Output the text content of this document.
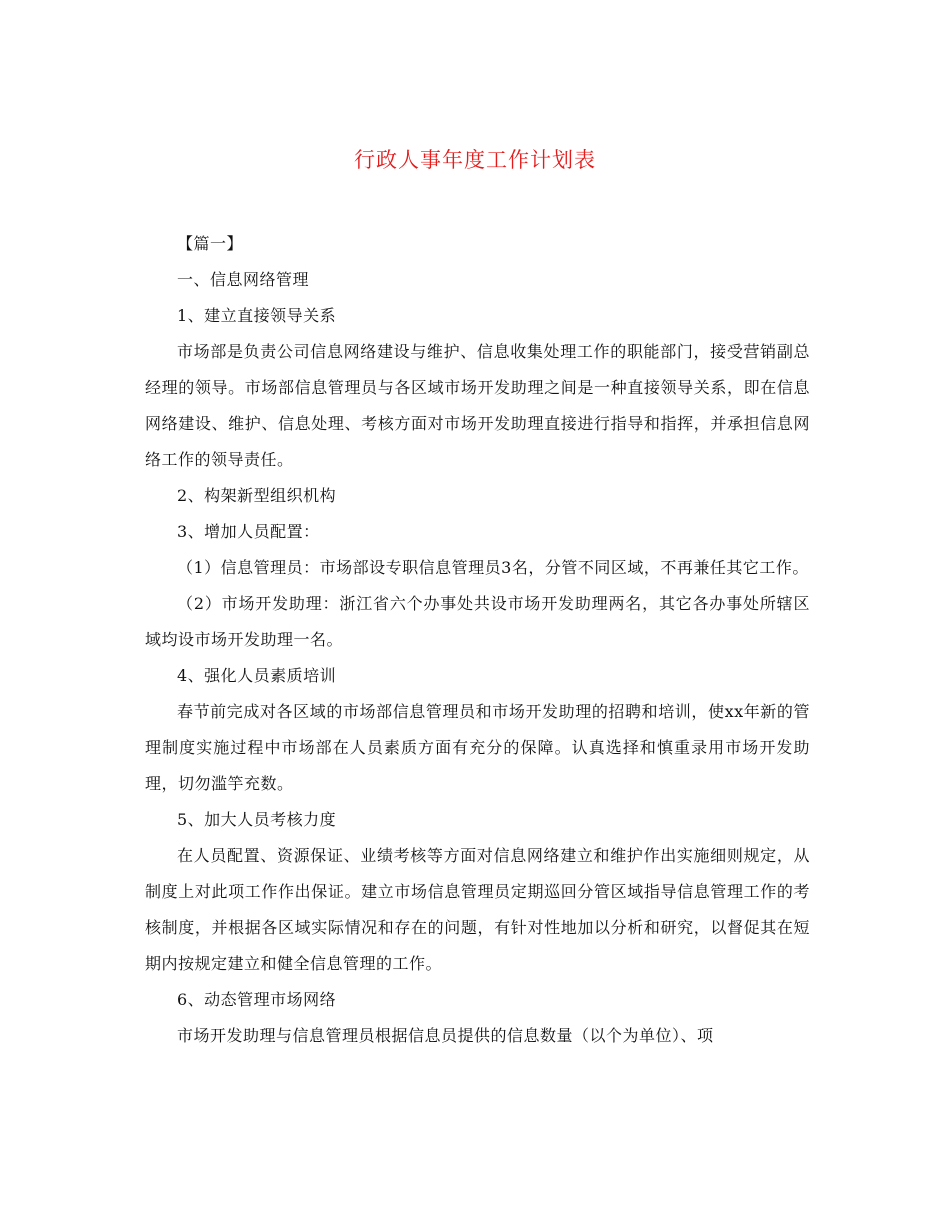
行政人事年度工作计划表

【篇一】

一、信息网络管理

1、建立直接领导关系

市场部是负责公司信息网络建设与维护、信息收集处理工作的职能部门，接受营销副总经理的领导。市场部信息管理员与各区域市场开发助理之间是一种直接领导关系，即在信息网络建设、维护、信息处理、考核方面对市场开发助理直接进行指导和指挥，并承担信息网络工作的领导责任。

2、构架新型组织机构

3、增加人员配置：

（1）信息管理员：市场部设专职信息管理员3名，分管不同区域，不再兼任其它工作。

（2）市场开发助理：浙江省六个办事处共设市场开发助理两名，其它各办事处所辖区域均设市场开发助理一名。

4、强化人员素质培训

春节前完成对各区域的市场部信息管理员和市场开发助理的招聘和培训，使xx年新的管理制度实施过程中市场部在人员素质方面有充分的保障。认真选择和慎重录用市场开发助理，切勿滥竽充数。

5、加大人员考核力度

在人员配置、资源保证、业绩考核等方面对信息网络建立和维护作出实施细则规定，从制度上对此项工作作出保证。建立市场信息管理员定期巡回分管区域指导信息管理工作的考核制度，并根据各区域实际情况和存在的问题，有针对性地加以分析和研究，以督促其在短期内按规定建立和健全信息管理的工作。

6、动态管理市场网络

市场开发助理与信息管理员根据信息员提供的信息数量（以个为单位）、项
